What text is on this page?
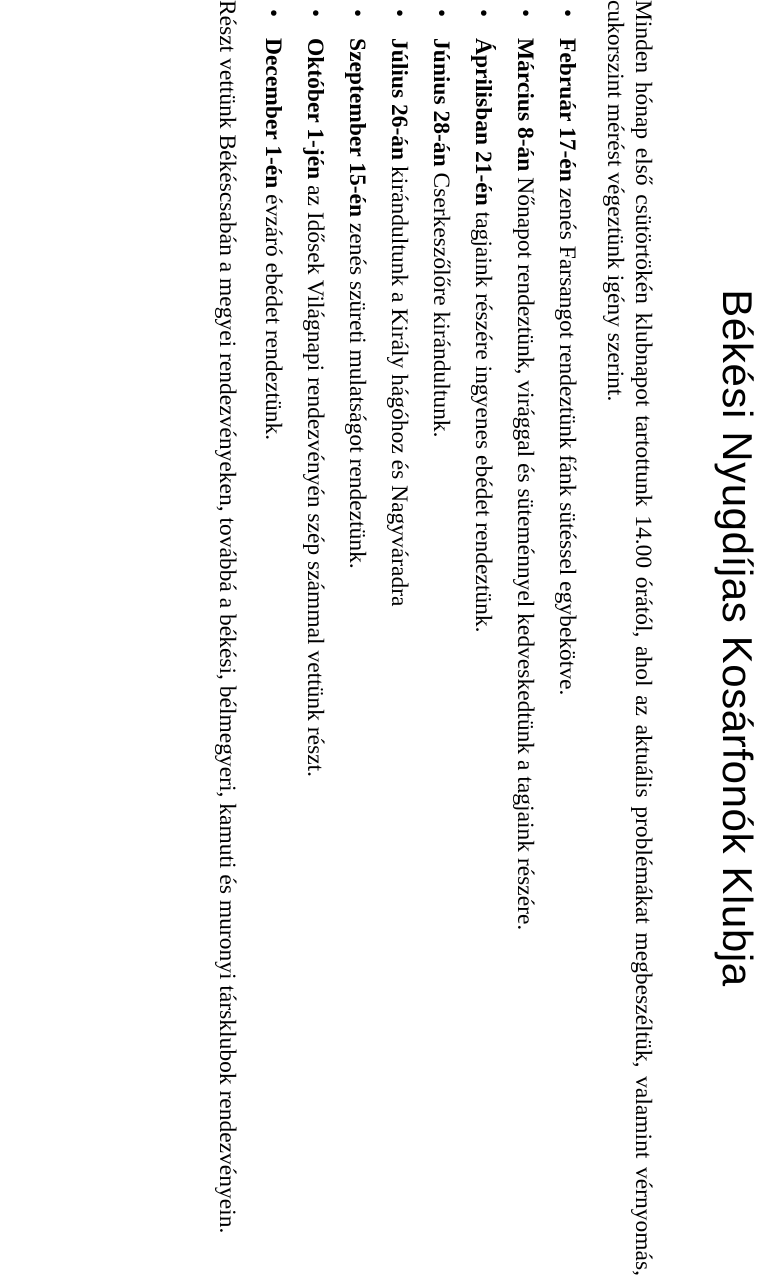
Békési Nyugdíjas Kosárfonók Klubja

Minden hónap első csütörtökén klubnapot tartottunk 14.00 órától, ahol az aktuális problémákat megbeszéltük, valamint vérnyomás, cukorszint mérést végeztünk igény szerint.

•
Február 17-én zenés Farsangot rendeztünk fánk sütéssel egybekötve.
•
Március 8-án Nőnapot rendeztünk, virággal és süteménnyel kedveskedtünk a tagjaink részére.
•
Áprilisban 21-én tagjaink részére ingyenes ebédet rendeztünk.
•
Június 28-án Cserkeszőlőre kirándultunk.
•
Július 26-án kirándultunk a Király hágóhoz és Nagyváradra
•
Szeptember 15-én zenés szüreti mulatságot rendeztünk.
•
Október 1-jén az Idősek Világnapi rendezvényén szép számmal vettünk részt.
•
December 1-én évzáró ebédet rendeztünk.

Részt vettünk Békéscsabán a megyei rendezvényeken, továbbá a békési, bélmegyeri, kamuti és muronyi társklubok rendezvényein.
